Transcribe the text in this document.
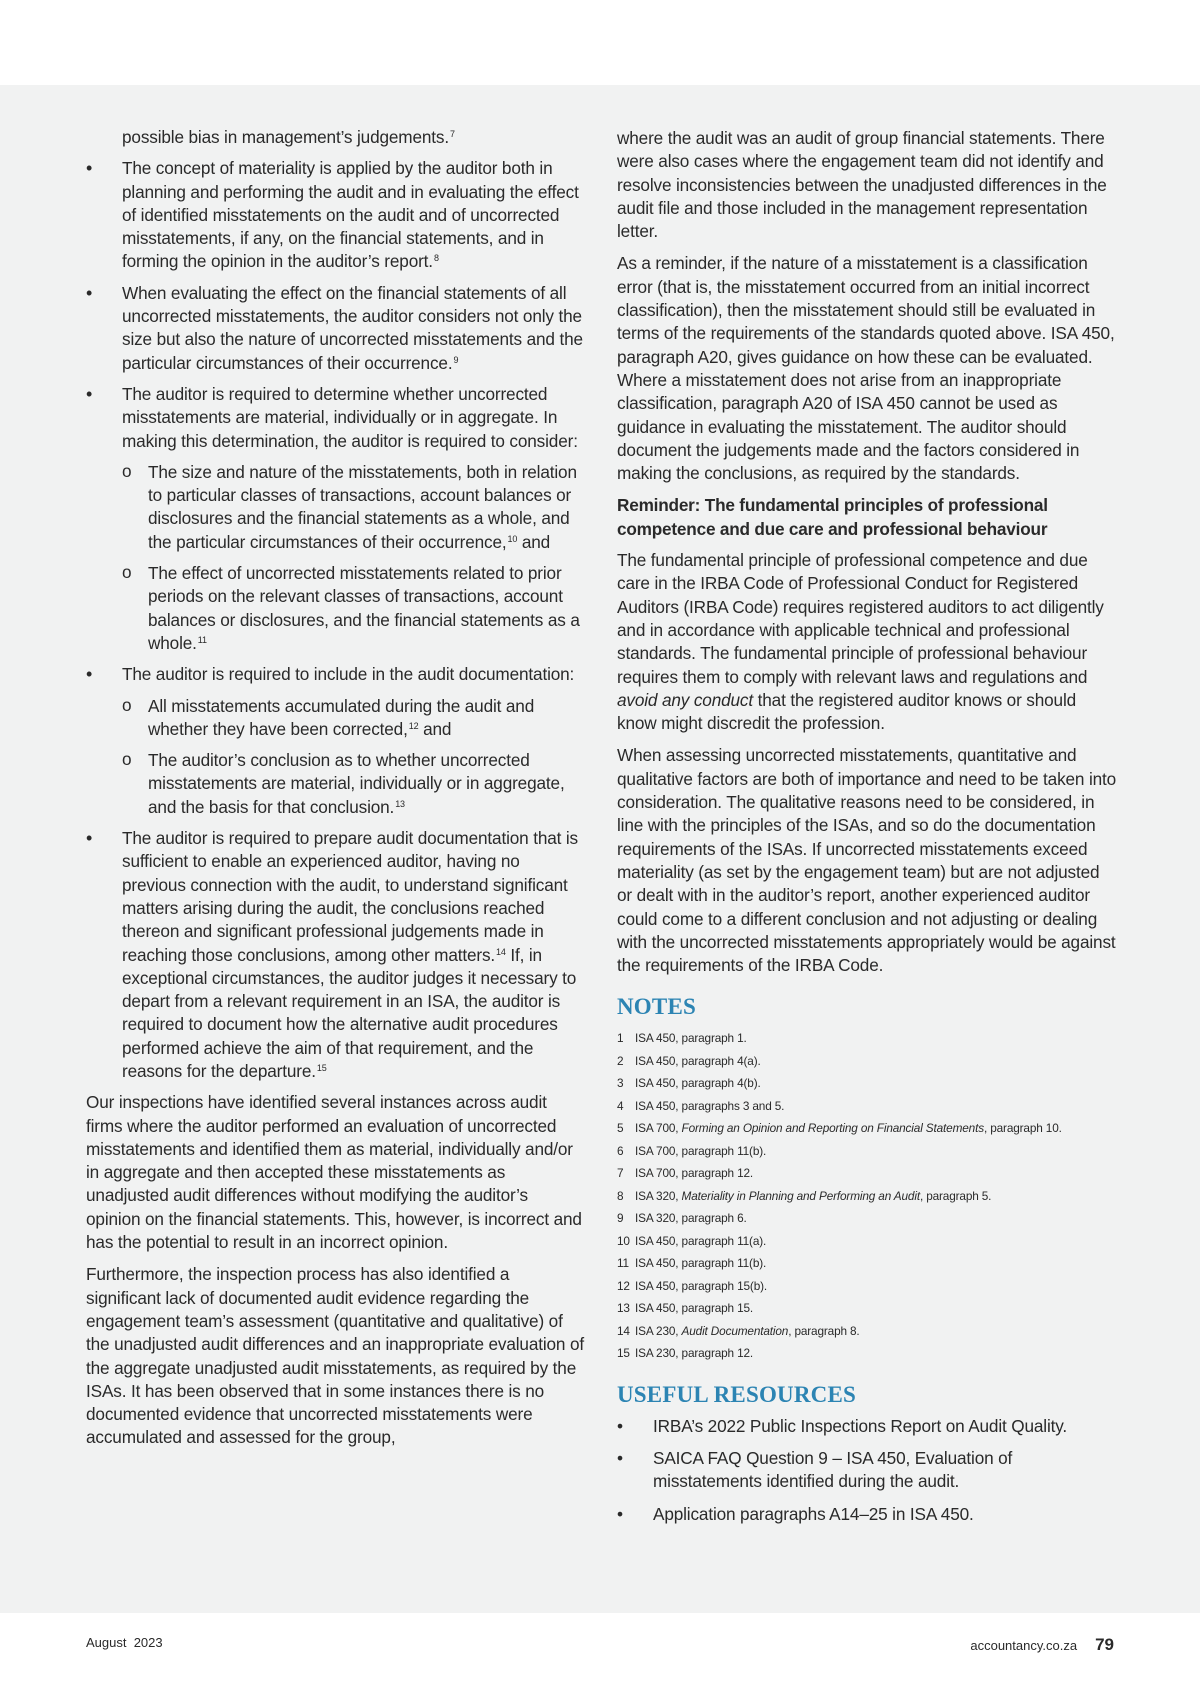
possible bias in management’s judgements.$^7$

• The concept of materiality is applied by the auditor both in planning and performing the audit and in evaluating the effect of identified misstatements on the audit and of uncorrected misstatements, if any, on the financial statements, and in forming the opinion in the auditor’s report.$^8$
• When evaluating the effect on the financial statements of all uncorrected misstatements, the auditor considers not only the size but also the nature of uncorrected misstatements and the particular circumstances of their occurrence.$^9$
• The auditor is required to determine whether uncorrected misstatements are material, individually or in aggregate. In making this determination, the auditor is required to consider:
o The size and nature of the misstatements, both in relation to particular classes of transactions, account balances or disclosures and the financial statements as a whole, and the particular circumstances of their occurrence,$^{10}$ and
o The effect of uncorrected misstatements related to prior periods on the relevant classes of transactions, account balances or disclosures, and the financial statements as a whole.$^{11}$
• The auditor is required to include in the audit documentation:
o All misstatements accumulated during the audit and whether they have been corrected,$^{12}$ and
o The auditor’s conclusion as to whether uncorrected misstatements are material, individually or in aggregate, and the basis for that conclusion.$^{13}$
• The auditor is required to prepare audit documentation that is sufficient to enable an experienced auditor, having no previous connection with the audit, to understand significant matters arising during the audit, the conclusions reached thereon and significant professional judgements made in reaching those conclusions, among other matters.$^{14}$ If, in exceptional circumstances, the auditor judges it necessary to depart from a relevant requirement in an ISA, the auditor is required to document how the alternative audit procedures performed achieve the aim of that requirement, and the reasons for the departure.$^{15}$

Our inspections have identified several instances across audit firms where the auditor performed an evaluation of uncorrected misstatements and identified them as material, individually and/or in aggregate and then accepted these misstatements as unadjusted audit differences without modifying the auditor’s opinion on the financial statements. This, however, is incorrect and has the potential to result in an incorrect opinion.

Furthermore, the inspection process has also identified a significant lack of documented audit evidence regarding the engagement team’s assessment (quantitative and qualitative) of the unadjusted audit differences and an inappropriate evaluation of the aggregate unadjusted audit misstatements, as required by the ISAs. It has been observed that in some instances there is no documented evidence that uncorrected misstatements were accumulated and assessed for the group,

where the audit was an audit of group financial statements. There were also cases where the engagement team did not identify and resolve inconsistencies between the unadjusted differences in the audit file and those included in the management representation letter.

As a reminder, if the nature of a misstatement is a classification error (that is, the misstatement occurred from an initial incorrect classification), then the misstatement should still be evaluated in terms of the requirements of the standards quoted above. ISA 450, paragraph A20, gives guidance on how these can be evaluated. Where a misstatement does not arise from an inappropriate classification, paragraph A20 of ISA 450 cannot be used as guidance in evaluating the misstatement. The auditor should document the judgements made and the factors considered in making the conclusions, as required by the standards.

Reminder: The fundamental principles of professional competence and due care and professional behaviour

The fundamental principle of professional competence and due care in the IRBA Code of Professional Conduct for Registered Auditors (IRBA Code) requires registered auditors to act diligently and in accordance with applicable technical and professional standards. The fundamental principle of professional behaviour requires them to comply with relevant laws and regulations and avoid any conduct that the registered auditor knows or should know might discredit the profession.

When assessing uncorrected misstatements, quantitative and qualitative factors are both of importance and need to be taken into consideration. The qualitative reasons need to be considered, in line with the principles of the ISAs, and so do the documentation requirements of the ISAs. If uncorrected misstatements exceed materiality (as set by the engagement team) but are not adjusted or dealt with in the auditor’s report, another experienced auditor could come to a different conclusion and not adjusting or dealing with the uncorrected misstatements appropriately would be against the requirements of the IRBA Code.

NOTES
1 ISA 450, paragraph 1.
2 ISA 450, paragraph 4(a).
3 ISA 450, paragraph 4(b).
4 ISA 450, paragraphs 3 and 5.
5 ISA 700, Forming an Opinion and Reporting on Financial Statements, paragraph 10.
6 ISA 700, paragraph 11(b).
7 ISA 700, paragraph 12.
8 ISA 320, Materiality in Planning and Performing an Audit, paragraph 5.
9 ISA 320, paragraph 6.
10 ISA 450, paragraph 11(a).
11 ISA 450, paragraph 11(b).
12 ISA 450, paragraph 15(b).
13 ISA 450, paragraph 15.
14 ISA 230, Audit Documentation, paragraph 8.
15 ISA 230, paragraph 12.
USEFUL RESOURCES
• IRBA’s 2022 Public Inspections Report on Audit Quality.
• SAICA FAQ Question 9 – ISA 450, Evaluation of misstatements identified during the audit.
• Application paragraphs A14–25 in ISA 450.
August  2023	accountancy.co.za 79
